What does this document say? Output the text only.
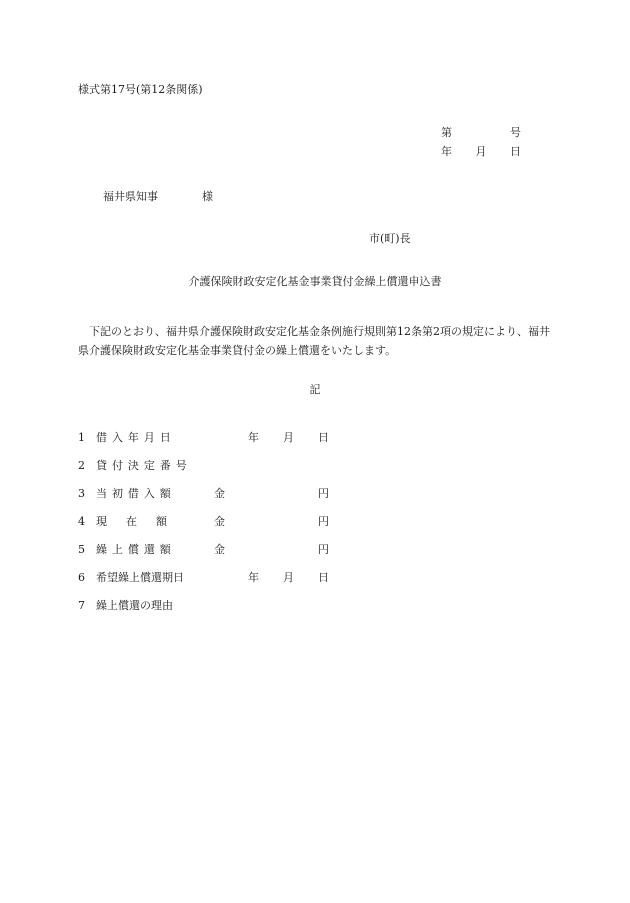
様式第17号(第12条関係)
第	号
年 月 日
福井県知事	様
市(町)長
介護保険財政安定化基金事業貸付金繰上償還申込書
下記のとおり、福井県介護保険財政安定化基金条例施行規則第12条第2項の規定により、福井県介護保険財政安定化基金事業貸付金の繰上償還をいたします。
記
1 借入年月日	年 月 日
2 貸付決定番号
3 当初借入額	金	円
4 現 在 額	金	円
5 繰上償還額	金	円
6 希望繰上償還期日	年 月 日
7 繰上償還の理由
